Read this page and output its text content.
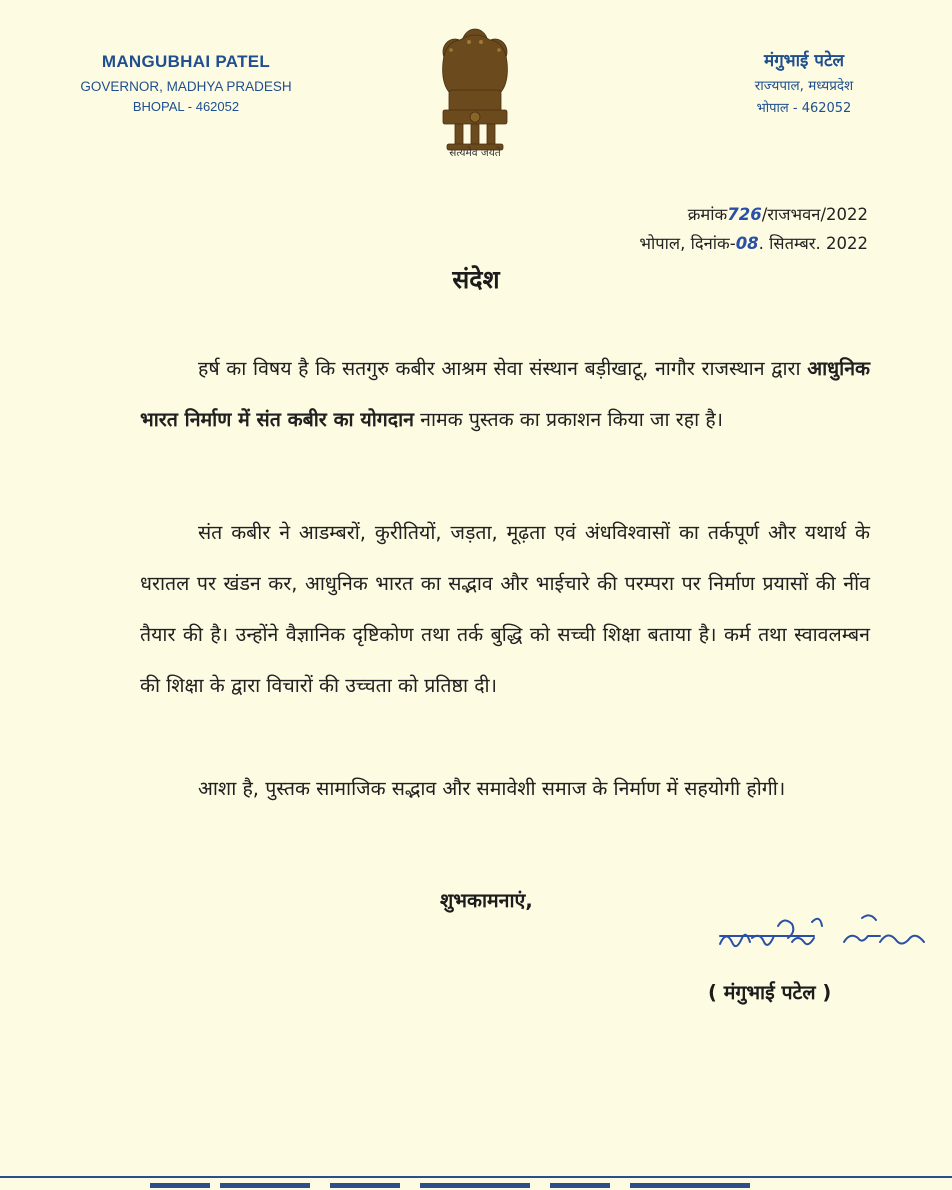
MANGUBHAI PATEL
GOVERNOR, MADHYA PRADESH
BHOPAL - 462052
सत्यमेव जयते
मंगुभाई पटेल
राज्यपाल, मध्यप्रदेश
भोपाल - 462052
क्रमांक726/राजभवन/2022
भोपाल, दिनांक-08. सितम्बर. 2022
संदेश
हर्ष का विषय है कि सतगुरु कबीर आश्रम सेवा संस्थान बड़ीखाटू, नागौर राजस्थान द्वारा आधुनिक भारत निर्माण में संत कबीर का योगदान नामक पुस्तक का प्रकाशन किया जा रहा है।
संत कबीर ने आडम्बरों, कुरीतियों, जड़ता, मूढ़ता एवं अंधविश्वासों का तर्कपूर्ण और यथार्थ के धरातल पर खंडन कर, आधुनिक भारत का सद्भाव और भाईचारे की परम्परा पर निर्माण प्रयासों की नींव तैयार की है। उन्होंने वैज्ञानिक दृष्टिकोण तथा तर्क बुद्धि को सच्ची शिक्षा बताया है। कर्म तथा स्वावलम्बन की शिक्षा के द्वारा विचारों की उच्चता को प्रतिष्ठा दी।
आशा है, पुस्तक सामाजिक सद्भाव और समावेशी समाज के निर्माण में सहयोगी होगी।
शुभकामनाएं,
( मंगुभाई पटेल )
